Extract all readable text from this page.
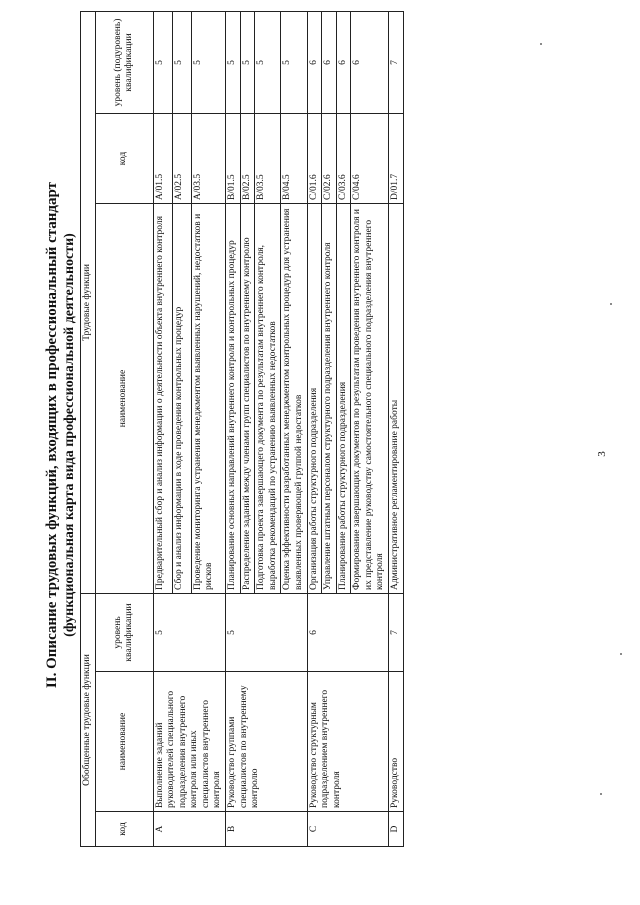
II. Описание трудовых функций, входящих в профессиональный стандарт (функциональная карта вида профессиональной деятельности)
Обобщенные трудовые функции			Трудовые функции		
код	наименование	уровень квалификации	наименование	код	уровень (подуровень) квалификации
A	Выполнение заданий руководителей специального подразделения внутреннего контроля или иных специалистов внутреннего контроля	5	Предварительный сбор и анализ информации о деятельности объекта внутреннего контроля	A/01.5	5
			Сбор и анализ информации в ходе проведения контрольных процедур	A/02.5	5
			Проведение мониторинга устранения менеджментом выявленных нарушений, недостатков и рисков	A/03.5	5
B	Руководство группами специалистов по внутреннему контролю	5	Планирование основных направлений внутреннего контроля и контрольных процедур	B/01.5	5
			Распределение заданий между членами групп специалистов по внутреннему контролю	B/02.5	5
			Подготовка проекта завершающего документа по результатам внутреннего контроля, выработка рекомендаций по устранению выявленных недостатков	B/03.5	5
			Оценка эффективности разработанных менеджментом контрольных процедур для устранения выявленных проверяющей группой недостатков	B/04.5	5
C	Руководство структурным подразделением внутреннего контроля	6	Организация работы структурного подразделения	C/01.6	6
			Управление штатным персоналом структурного подразделения внутреннего контроля	C/02.6	6
			Планирование работы структурного подразделения	C/03.6	6
			Формирование завершающих документов по результатам проведения внутреннего контроля и их представление руководству самостоятельного специального подразделения внутреннего контроля	C/04.6	6
D	Руководство	7	Административное регламентирование работы	D/01.7	7
3
